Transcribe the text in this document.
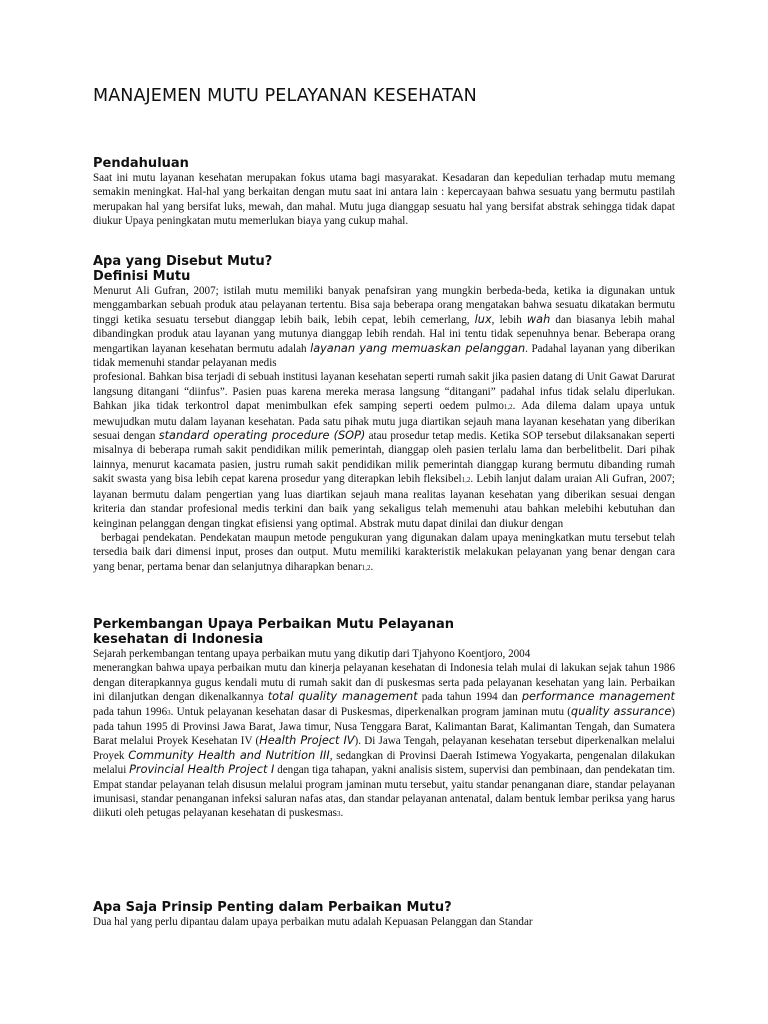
MANAJEMEN MUTU PELAYANAN KESEHATAN
Pendahuluan

Saat ini mutu layanan kesehatan merupakan fokus utama bagi masyarakat. Kesadaran dan kepedulian terhadap mutu memang semakin meningkat. Hal-hal yang berkaitan dengan mutu saat ini antara lain : kepercayaan bahwa sesuatu yang bermutu pastilah merupakan hal yang bersifat luks, mewah, dan mahal. Mutu juga dianggap sesuatu hal yang bersifat abstrak sehingga tidak dapat diukur Upaya peningkatan mutu memerlukan biaya yang cukup mahal.

Apa yang Disebut Mutu?
Definisi Mutu

Menurut Ali Gufran, 2007; istilah mutu memiliki banyak penafsiran yang mungkin berbeda-beda, ketika ia digunakan untuk menggambarkan sebuah produk atau pelayanan tertentu. Bisa saja beberapa orang mengatakan bahwa sesuatu dikatakan bermutu tinggi ketika sesuatu tersebut dianggap lebih baik, lebih cepat, lebih cemerlang, lux, lebih wah dan biasanya lebih mahal dibandingkan produk atau layanan yang mutunya dianggap lebih rendah. Hal ini tentu tidak sepenuhnya benar. Beberapa orang mengartikan layanan kesehatan bermutu adalah layanan yang memuaskan pelanggan. Padahal layanan yang diberikan tidak memenuhi standar pelayanan medis

profesional. Bahkan bisa terjadi di sebuah institusi layanan kesehatan seperti rumah sakit jika pasien datang di Unit Gawat Darurat langsung ditangani “diinfus”. Pasien puas karena mereka merasa langsung “ditangani” padahal infus tidak selalu diperlukan. Bahkan jika tidak terkontrol dapat menimbulkan efek samping seperti oedem pulmo1,2. Ada dilema dalam upaya untuk mewujudkan mutu dalam layanan kesehatan. Pada satu pihak mutu juga diartikan sejauh mana layanan kesehatan yang diberikan sesuai dengan standard operating procedure (SOP) atau prosedur tetap medis. Ketika SOP tersebut dilaksanakan seperti misalnya di beberapa rumah sakit pendidikan milik pemerintah, dianggap oleh pasien terlalu lama dan berbelitbelit. Dari pihak lainnya, menurut kacamata pasien, justru rumah sakit pendidikan milik pemerintah dianggap kurang bermutu dibanding rumah sakit swasta yang bisa lebih cepat karena prosedur yang diterapkan lebih fleksibel1,2. Lebih lanjut dalam uraian Ali Gufran, 2007; layanan bermutu dalam pengertian yang luas diartikan sejauh mana realitas layanan kesehatan yang diberikan sesuai dengan kriteria dan standar profesional medis terkini dan baik yang sekaligus telah memenuhi atau bahkan melebihi kebutuhan dan keinginan pelanggan dengan tingkat efisiensi yang optimal. Abstrak mutu dapat dinilai dan diukur dengan

berbagai pendekatan. Pendekatan maupun metode pengukuran yang digunakan dalam upaya meningkatkan mutu tersebut telah tersedia baik dari dimensi input, proses dan output. Mutu memiliki karakteristik melakukan pelayanan yang benar dengan cara yang benar, pertama benar dan selanjutnya diharapkan benar1,2.

Perkembangan Upaya Perbaikan Mutu Pelayanan
kesehatan di Indonesia

Sejarah perkembangan tentang upaya perbaikan mutu yang dikutip dari Tjahyono Koentjoro, 2004

menerangkan bahwa upaya perbaikan mutu dan kinerja pelayanan kesehatan di Indonesia telah mulai di lakukan sejak tahun 1986 dengan diterapkannya gugus kendali mutu di rumah sakit dan di puskesmas serta pada pelayanan kesehatan yang lain. Perbaikan ini dilanjutkan dengan dikenalkannya total quality management pada tahun 1994 dan performance management pada tahun 19963. Untuk pelayanan kesehatan dasar di Puskesmas, diperkenalkan program jaminan mutu (quality assurance) pada tahun 1995 di Provinsi Jawa Barat, Jawa timur, Nusa Tenggara Barat, Kalimantan Barat, Kalimantan Tengah, dan Sumatera Barat melalui Proyek Kesehatan IV (Health Project IV). Di Jawa Tengah, pelayanan kesehatan tersebut diperkenalkan melalui Proyek Community Health and Nutrition III, sedangkan di Provinsi Daerah Istimewa Yogyakarta, pengenalan dilakukan melalui Provincial Health Project I dengan tiga tahapan, yakni analisis sistem, supervisi dan pembinaan, dan pendekatan tim. Empat standar pelayanan telah disusun melalui program jaminan mutu tersebut, yaitu standar penanganan diare, standar pelayanan imunisasi, standar penanganan infeksi saluran nafas atas, dan standar pelayanan antenatal, dalam bentuk lembar periksa yang harus diikuti oleh petugas pelayanan kesehatan di puskesmas3.

Apa Saja Prinsip Penting dalam Perbaikan Mutu?

Dua hal yang perlu dipantau dalam upaya perbaikan mutu adalah Kepuasan Pelanggan dan Standar
